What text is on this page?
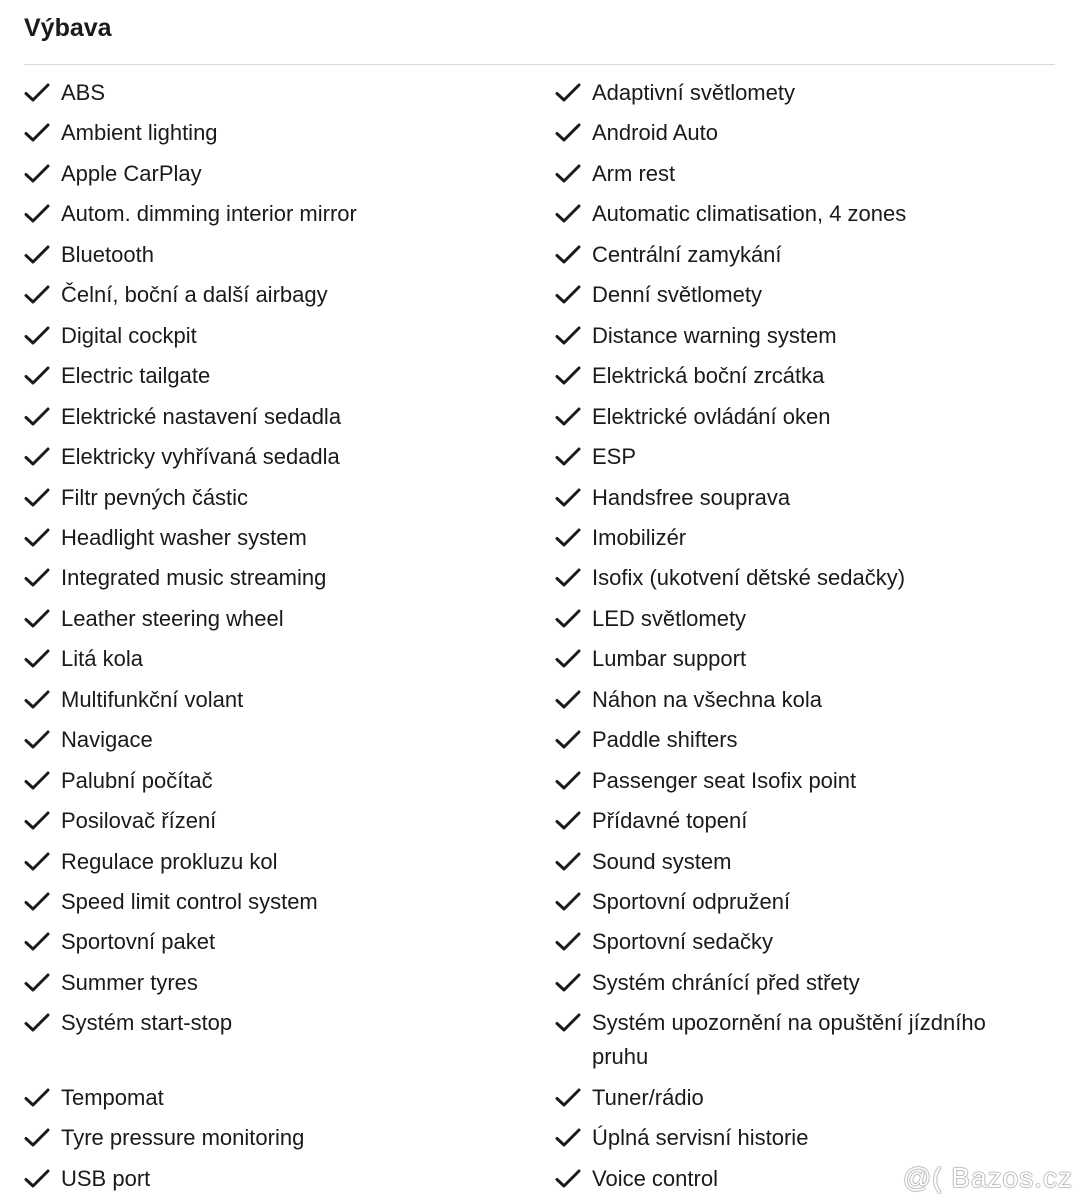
Výbava
ABS
Ambient lighting
Apple CarPlay
Autom. dimming interior mirror
Bluetooth
Čelní, boční a další airbagy
Digital cockpit
Electric tailgate
Elektrické nastavení sedadla
Elektricky vyhřívaná sedadla
Filtr pevných částic
Headlight washer system
Integrated music streaming
Leather steering wheel
Litá kola
Multifunkční volant
Navigace
Palubní počítač
Posilovač řízení
Regulace prokluzu kol
Speed limit control system
Sportovní paket
Summer tyres
Systém start-stop
Tempomat
Tyre pressure monitoring
USB port
Adaptivní světlomety
Android Auto
Arm rest
Automatic climatisation, 4 zones
Centrální zamykání
Denní světlomety
Distance warning system
Elektrická boční zrcátka
Elektrické ovládání oken
ESP
Handsfree souprava
Imobilizér
Isofix (ukotvení dětské sedačky)
LED světlomety
Lumbar support
Náhon na všechna kola
Paddle shifters
Passenger seat Isofix point
Přídavné topení
Sound system
Sportovní odpružení
Sportovní sedačky
Systém chránící před střety
Systém upozornění na opuštění jízdního pruhu
Tuner/rádio
Úplná servisní historie
Voice control	@( Bazos.cz
